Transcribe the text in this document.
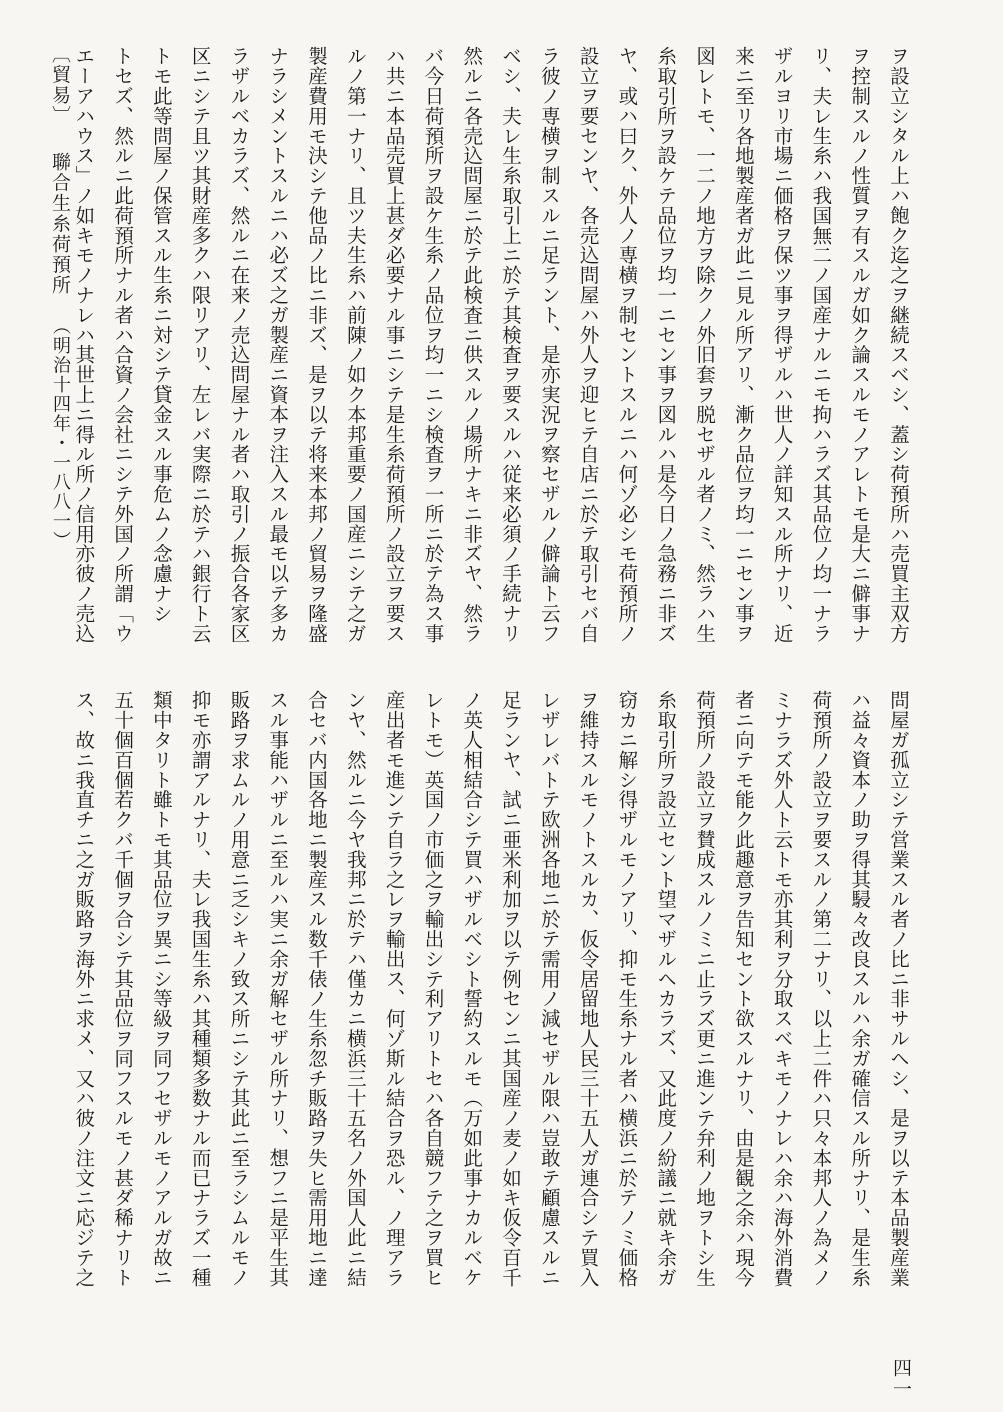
ヲ設立シタル上ハ飽ク迄之ヲ継続スベシ、蓋シ荷預所ハ売買主双方
ヲ控制スルノ性質ヲ有スルガ如ク論スルモノアレトモ是大ニ僻事ナ
リ、夫レ生糸ハ我国無二ノ国産ナルニモ拘ハラズ其品位ノ均一ナラ
ザルヨリ市場ニ価格ヲ保ツ事ヲ得ザルハ世人ノ詳知スル所ナリ、近
来ニ至リ各地製産者ガ此ニ見ル所アリ、漸ク品位ヲ均一ニセン事ヲ
図レトモ、一二ノ地方ヲ除クノ外旧套ヲ脱セザル者ノミ、然ラハ生
糸取引所ヲ設ケテ品位ヲ均一ニセン事ヲ図ルハ是今日ノ急務ニ非ズ
ヤ、或ハ曰ク、外人ノ専横ヲ制セントスルニハ何ゾ必シモ荷預所ノ
設立ヲ要センヤ、各売込問屋ハ外人ヲ迎ヒテ自店ニ於テ取引セバ自
ラ彼ノ専横ヲ制スルニ足ラント、是亦実況ヲ察セザルノ僻論ト云フ
ベシ、夫レ生糸取引上ニ於テ其検査ヲ要スルハ従来必須ノ手続ナリ
然ルニ各売込問屋ニ於テ此検査ニ供スルノ場所ナキニ非ズヤ、然ラ
バ今日荷預所ヲ設ケ生糸ノ品位ヲ均一ニシ検査ヲ一所ニ於テ為ス事
ハ共ニ本品売買上甚ダ必要ナル事ニシテ是生糸荷預所ノ設立ヲ要ス
ルノ第一ナリ、且ツ夫生糸ハ前陳ノ如ク本邦重要ノ国産ニシテ之ガ
製産費用モ決シテ他品ノ比ニ非ズ、是ヲ以テ将来本邦ノ貿易ヲ隆盛
ナラシメントスルニハ必ズ之ガ製産ニ資本ヲ注入スル最モ以テ多カ
ラザルベカラズ、然ルニ在来ノ売込問屋ナル者ハ取引ノ振合各家区
区ニシテ且ツ其財産多クハ限リアリ、左レバ実際ニ於テハ銀行ト云
トモ此等問屋ノ保管スル生糸ニ対シテ貸金スル事危ムノ念慮ナシ
トセズ、然ルニ此荷預所ナル者ハ合資ノ会社ニシテ外国ノ所謂「ウ
エーアハウス」ノ如キモノナレハ其世上ニ得ル所ノ信用亦彼ノ売込
問屋ガ孤立シテ営業スル者ノ比ニ非サルヘシ、是ヲ以テ本品製産業
ハ益々資本ノ助ヲ得其駸々改良スルハ余ガ確信スル所ナリ、是生糸
荷預所ノ設立ヲ要スルノ第二ナリ、以上二件ハ只々本邦人ノ為メノ
ミナラズ外人ト云トモ亦其利ヲ分取スベキモノナレハ余ハ海外消費
者ニ向テモ能ク此趣意ヲ告知セント欲スルナリ、由是観之余ハ現今
荷預所ノ設立ヲ賛成スルノミニ止ラズ更ニ進ンテ弁利ノ地ヲトシ生
糸取引所ヲ設立セント望マザルヘカラズ、又此度ノ紛議ニ就キ余ガ
窃カニ解シ得ザルモノアリ、抑モ生糸ナル者ハ横浜ニ於テノミ価格
ヲ維持スルモノトスルカ、仮令居留地人民三十五人ガ連合シテ買入
レザレバトテ欧洲各地ニ於テ需用ノ減セザル限ハ豈敢テ顧慮スルニ
足ランヤ、試ニ亜米利加ヲ以テ例センニ其国産ノ麦ノ如キ仮令百千
ノ英人相結合シテ買ハザルベシト誓約スルモ（万如此事ナカルベケ
レトモ）英国ノ市価之ヲ輸出シテ利アリトセハ各自競フテ之ヲ買ヒ
産出者モ進ンテ自ラ之レヲ輸出ス、何ゾ斯ル結合ヲ恐ル、ノ理アラ
ンヤ、然ルニ今ヤ我邦ニ於テハ僅カニ横浜三十五名ノ外国人此ニ結
合セバ内国各地ニ製産スル数千俵ノ生糸忽チ販路ヲ失ヒ需用地ニ達
スル事能ハザルニ至ルハ実ニ余ガ解セザル所ナリ、想フニ是平生其
販路ヲ求ムルノ用意ニ乏シキノ致ス所ニシテ其此ニ至ラシムルモノ
抑モ亦謂アルナリ、夫レ我国生糸ハ其種類多数ナル而已ナラズ一種
類中タリト雖トモ其品位ヲ異ニシ等級ヲ同フセザルモノアルガ故ニ
五十個百個若クバ千個ヲ合シテ其品位ヲ同フスルモノ甚ダ稀ナリト
ス、故ニ我直チニ之ガ販路ヲ海外ニ求メ、又ハ彼ノ注文ニ応ジテ之
四一
〔貿易〕 聯合生糸荷預所 （明治十四年・一八八一）
